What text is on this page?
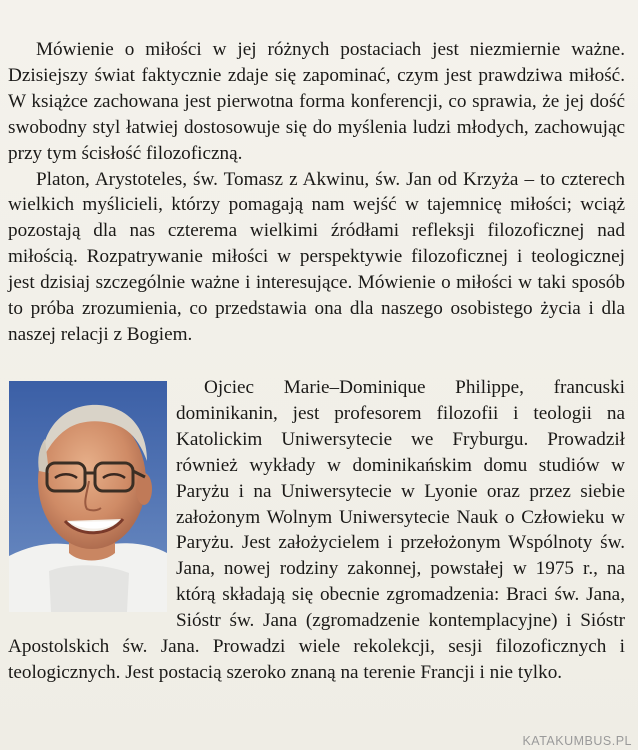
Mówienie o miłości w jej różnych postaciach jest niezmiernie ważne. Dzisiejszy świat faktycznie zdaje się zapominać, czym jest prawdziwa miłość. W książce zachowana jest pierwotna forma konferencji, co sprawia, że jej dość swobodny styl łatwiej dostosowuje się do myślenia ludzi młodych, zachowując przy tym ścisłość filozoficzną.

Platon, Arystoteles, św. Tomasz z Akwinu, św. Jan od Krzyża – to czterech wielkich myślicieli, którzy pomagają nam wejść w tajemnicę miłości; wciąż pozostają dla nas czterema wielkimi źródłami refleksji filozoficznej nad miłością. Rozpatrywanie miłości w perspektywie filozoficznej i teologicznej jest dzisiaj szczególnie ważne i interesujące. Mówienie o miłości w taki sposób to próba zrozumienia, co przedstawia ona dla naszego osobistego życia i dla naszej relacji z Bogiem.

Ojciec Marie–Dominique Philippe, francuski dominikanin, jest profesorem filozofii i teologii na Katolickim Uniwersytecie we Fryburgu. Prowadził również wykłady w dominikańskim domu studiów w Paryżu i na Uniwersytecie w Lyonie oraz przez siebie założonym Wolnym Uniwersytecie Nauk o Człowieku w Paryżu. Jest założycielem i przełożonym Wspólnoty św. Jana, nowej rodziny zakonnej, powstałej w 1975 r., na którą składają się obecnie zgromadzenia: Braci św. Jana, Sióstr św. Jana (zgromadzenie kontemplacyjne) i Sióstr Apostolskich św. Jana. Prowadzi wiele rekolekcji, sesji filozoficznych i teologicznych. Jest postacią szeroko znaną na terenie Francji i nie tylko.

KATAKUMBUS.PL
